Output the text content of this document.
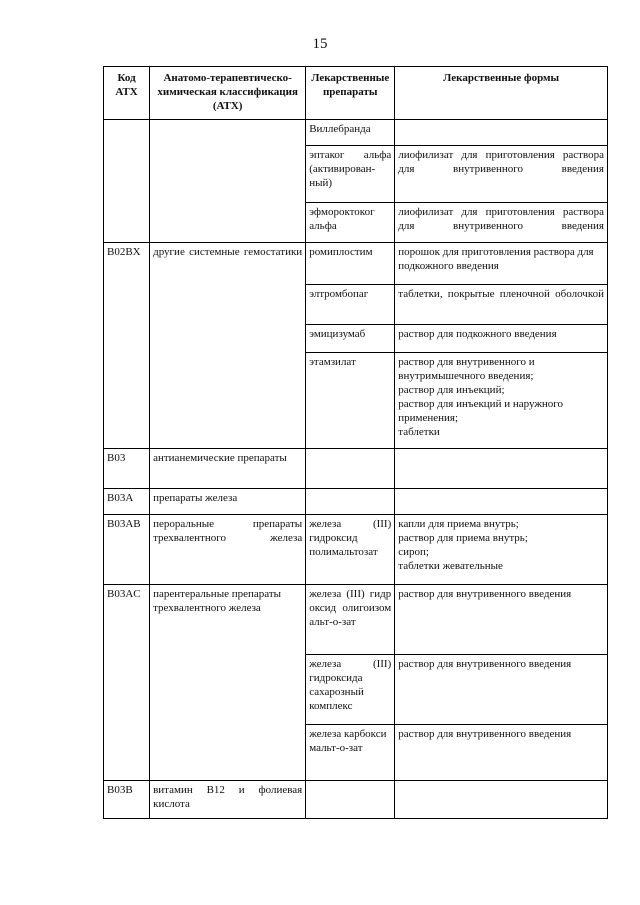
15
Код АТХ	Анатомо-терапевтическо-химическая классификация (АТХ)	Лекарственные препараты	Лекарственные формы
		Виллебранда	
		эптаког альфа (активирован-ный)	лиофилизат для приготовления раствора для внутривенного введения
		эфмороктоког альфа	лиофилизат для приготовления раствора для внутривенного введения
B02BX	другие системные гемостатики	ромиплостим	порошок для приготовления раствора для подкожного введения
		элтромбопаг	таблетки, покрытые пленочной оболочкой
		эмицизумаб	раствор для подкожного введения
		этамзилат	раствор для внутривенного и внутримышечного введения;
раствор для инъекций;
раствор для инъекций и наружного применения;
таблетки
B03	антианемические препараты		
B03A	препараты железа		
B03AB	пероральные препараты трехвалентного железа	железа (III) гидроксид полимальтозат	капли для приема внутрь;
раствор для приема внутрь;
сироп;
таблетки жевательные
B03AC	парентеральные препараты трехвалентного железа	железа (III) гидроксид олигоизомальт-о-зат	раствор для внутривенного введения
		железа (III) гидроксида сахарозный комплекс	раствор для внутривенного введения
		железа карбоксимальт-о-зат	раствор для внутривенного введения
B03B	витамин B12 и фолиевая кислота		
